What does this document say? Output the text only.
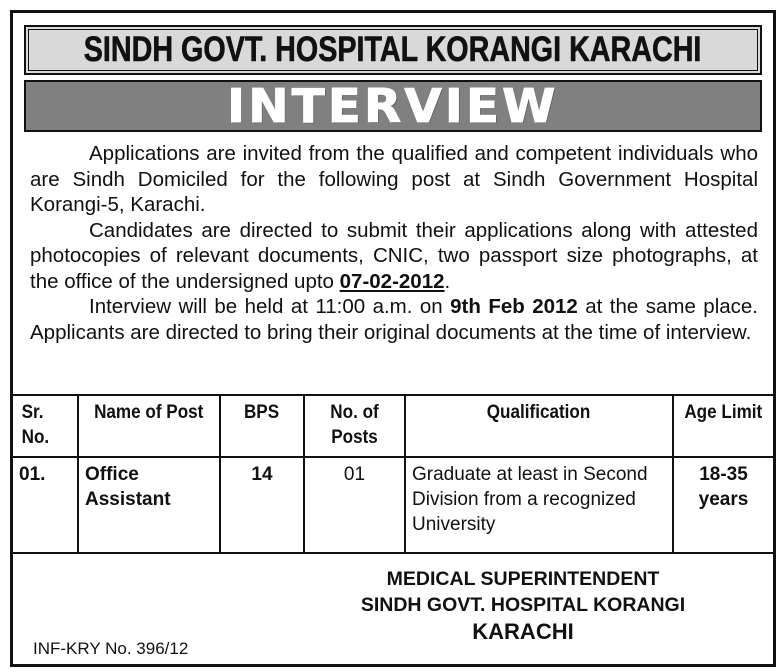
SINDH GOVT. HOSPITAL KORANGI KARACHI
INTERVIEW

Applications are invited from the qualified and competent individuals who are Sindh Domiciled for the following post at Sindh Government Hospital Korangi-5, Karachi.

Candidates are directed to submit their applications along with attested photocopies of relevant documents, CNIC, two passport size photographs, at the office of the undersigned upto 07-02-2012.

Interview will be held at 11:00 a.m. on 9th Feb 2012 at the same place. Applicants are directed to bring their original documents at the time of interview.

Sr. No.	Name of Post	BPS	No. of Posts	Qualification	Age Limit
01.	Office Assistant	14	01	Graduate at least in Second Division from a recognized University	18-35 years
MEDICAL SUPERINTENDENT
SINDH GOVT. HOSPITAL KORANGI
KARACHI
INF-KRY No. 396/12
